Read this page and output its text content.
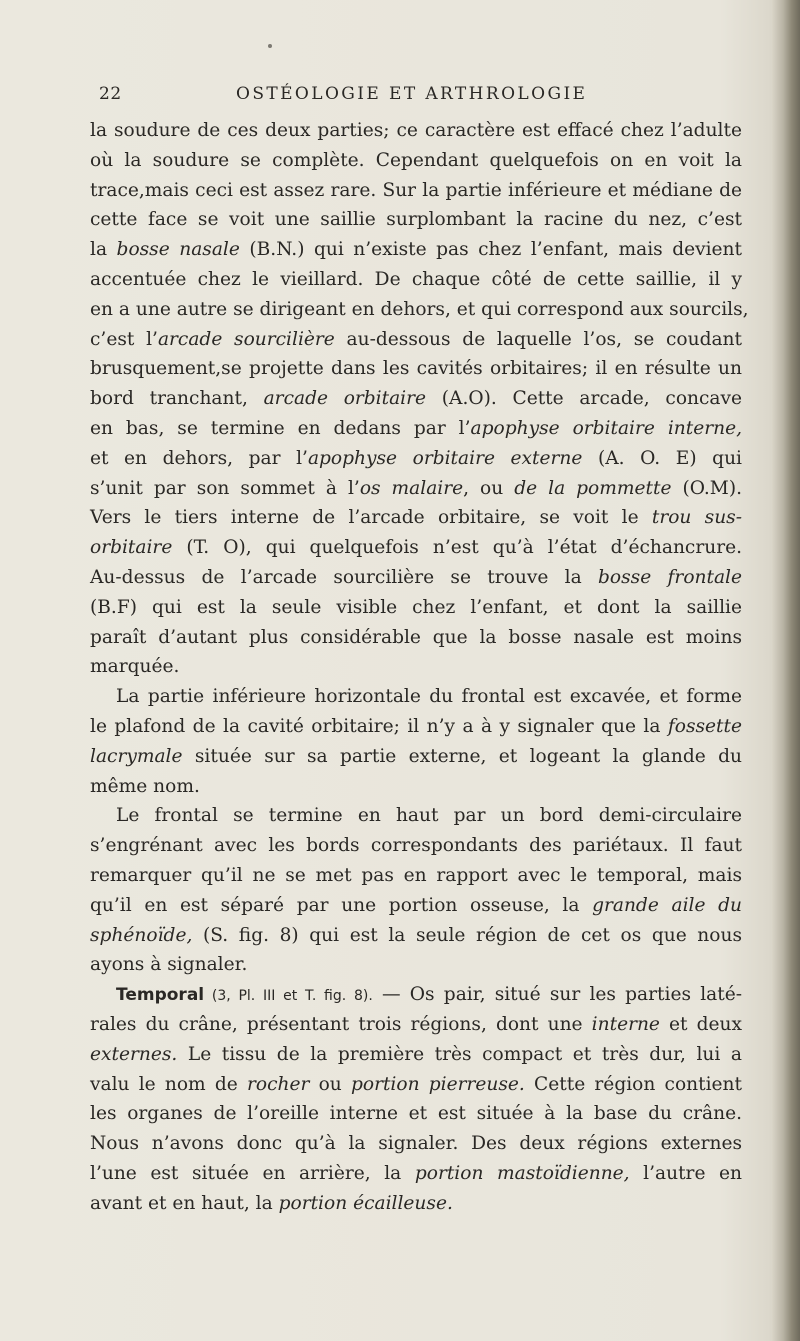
22	OSTÉOLOGIE ET ARTHROLOGIE
la soudure de ces deux parties; ce caractère est effacé chez l’adulte
où la soudure se complète. Cependant quelquefois on en voit la
trace,mais ceci est assez rare. Sur la partie inférieure et médiane de
cette face se voit une saillie surplombant la racine du nez, c’est
la bosse nasale (B.N.) qui n’existe pas chez l’enfant, mais devient
accentuée chez le vieillard. De chaque côté de cette saillie, il y
en a une autre se dirigeant en dehors, et qui correspond aux sourcils,
c’est l’arcade sourcilière au-dessous de laquelle l’os, se coudant
brusquement,se projette dans les cavités orbitaires; il en résulte un
bord tranchant, arcade orbitaire (A.O). Cette arcade, concave
en bas, se termine en dedans par l’apophyse orbitaire interne,
et en dehors, par l’apophyse orbitaire externe (A. O. E) qui
s’unit par son sommet à l’os malaire, ou de la pommette (O.M).
Vers le tiers interne de l’arcade orbitaire, se voit le trou sus-
orbitaire (T. O), qui quelquefois n’est qu’à l’état d’échancrure.
Au-dessus de l’arcade sourcilière se trouve la bosse frontale
(B.F) qui est la seule visible chez l’enfant, et dont la saillie
paraît d’autant plus considérable que la bosse nasale est moins
marquée.
La partie inférieure horizontale du frontal est excavée, et forme
le plafond de la cavité orbitaire; il n’y a à y signaler que la fossette
lacrymale située sur sa partie externe, et logeant la glande du
même nom.
Le frontal se termine en haut par un bord demi-circulaire
s’engrénant avec les bords correspondants des pariétaux. Il faut
remarquer qu’il ne se met pas en rapport avec le temporal, mais
qu’il en est séparé par une portion osseuse, la grande aile du
sphénoïde, (S. fig. 8) qui est la seule région de cet os que nous
ayons à signaler.
Temporal (3, Pl. III et T. fig. 8). — Os pair, situé sur les parties laté-
rales du crâne, présentant trois régions, dont une interne et deux
externes. Le tissu de la première très compact et très dur, lui a
valu le nom de rocher ou portion pierreuse. Cette région contient
les organes de l’oreille interne et est située à la base du crâne.
Nous n’avons donc qu’à la signaler. Des deux régions externes
l’une est située en arrière, la portion mastoïdienne, l’autre en
avant et en haut, la portion écailleuse.
